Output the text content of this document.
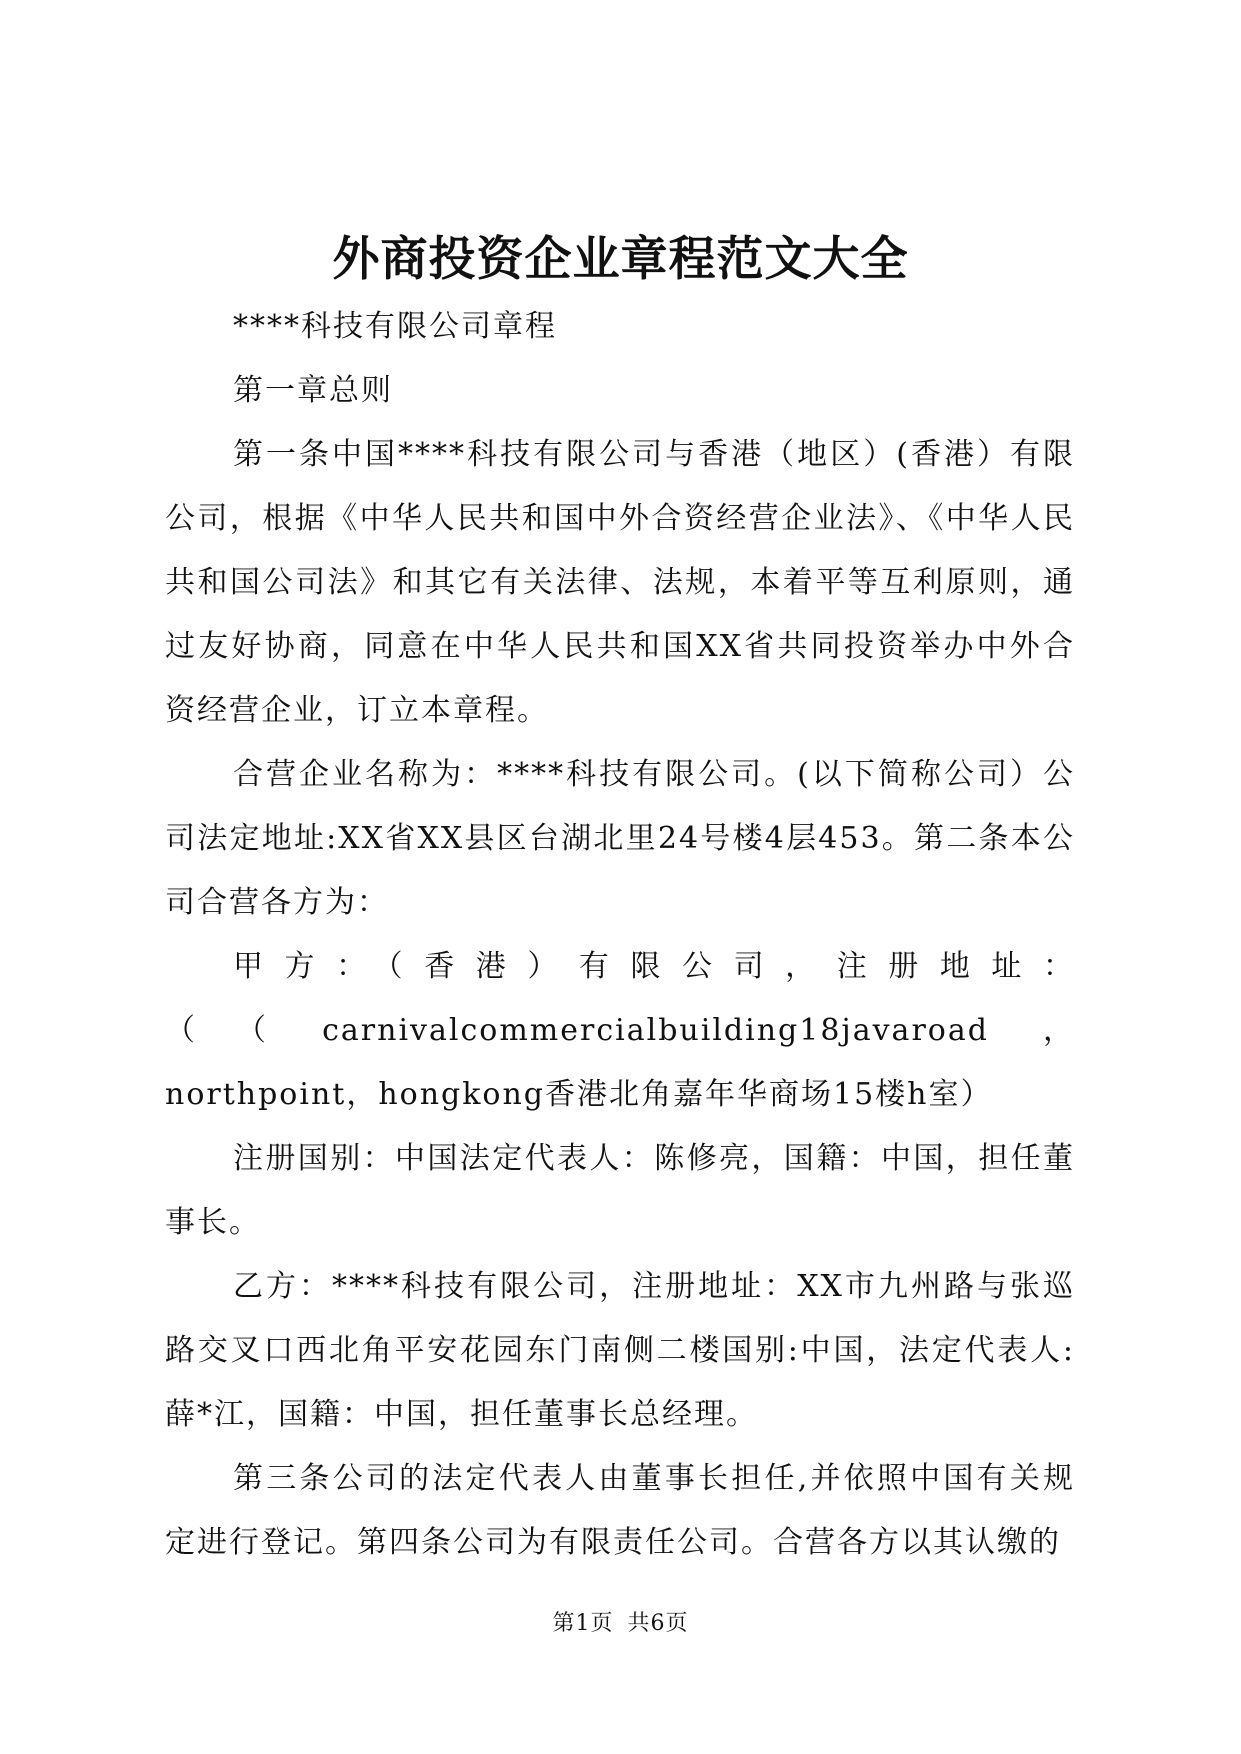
外商投资企业章程范文大全

****科技有限公司章程

第一章总则

第一条中国****科技有限公司与香港（地区）(香港）有限公司，根据《中华人民共和国中外合资经营企业法》、《中华人民共和国公司法》和其它有关法律、法规，本着平等互利原则，通过友好协商，同意在中华人民共和国XX省共同投资举办中外合资经营企业，订立本章程。

合营企业名称为：****科技有限公司。(以下简称公司）公司法定地址:XX省XX县区台湖北里24号楼4层453。第二条本公司合营各方为：

甲方：（香港）有限公司，注册地址：（（carnivalcommercialbuilding18javaroad，northpoint，hongkong香港北角嘉年华商场15楼h室）

注册国别：中国法定代表人：陈修亮，国籍：中国，担任董事长。

乙方：****科技有限公司，注册地址：XX市九州路与张巡路交叉口西北角平安花园东门南侧二楼国别:中国，法定代表人:薛*江，国籍：中国，担任董事长总经理。

第三条公司的法定代表人由董事长担任,并依照中国有关规定进行登记。第四条公司为有限责任公司。合营各方以其认缴的

第1页 共6页
